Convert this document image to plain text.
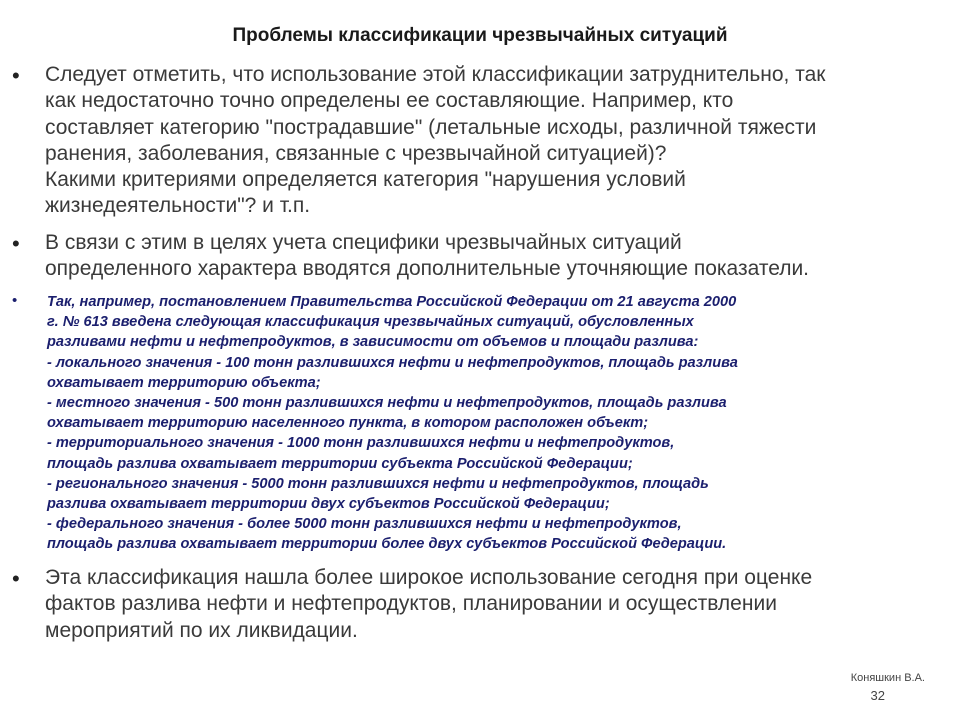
Проблемы классификации чрезвычайных ситуаций
• Следует отметить, что использование этой классификации затруднительно, так
как недостаточно точно определены ее составляющие. Например, кто
составляет категорию "пострадавшие" (летальные исходы, различной тяжести
ранения, заболевания, связанные с чрезвычайной ситуацией)?
Какими критериями определяется категория "нарушения условий
жизнедеятельности"? и т.п.
• В связи с этим в целях учета специфики чрезвычайных ситуаций
определенного характера вводятся дополнительные уточняющие показатели.
• Так, например, постановлением Правительства Российской Федерации от 21 августа 2000
г. № 613 введена следующая классификация чрезвычайных ситуаций, обусловленных
разливами нефти и нефтепродуктов, в зависимости от объемов и площади разлива:
- локального значения - 100 тонн разлившихся нефти и нефтепродуктов, площадь разлива
охватывает территорию объекта;
- местного значения - 500 тонн разлившихся нефти и нефтепродуктов, площадь разлива
охватывает территорию населенного пункта, в котором расположен объект;
- территориального значения - 1000 тонн разлившихся нефти и нефтепродуктов,
площадь разлива охватывает территории субъекта Российской Федерации;
- регионального значения - 5000 тонн разлившихся нефти и нефтепродуктов, площадь
разлива охватывает территории двух субъектов Российской Федерации;
- федерального значения - более 5000 тонн разлившихся нефти и нефтепродуктов,
площадь разлива охватывает территории более двух субъектов Российской Федерации.
• Эта классификация нашла более широкое использование сегодня при оценке
фактов разлива нефти и нефтепродуктов, планировании и осуществлении
мероприятий по их ликвидации.
Коняшкин В.А.
32
